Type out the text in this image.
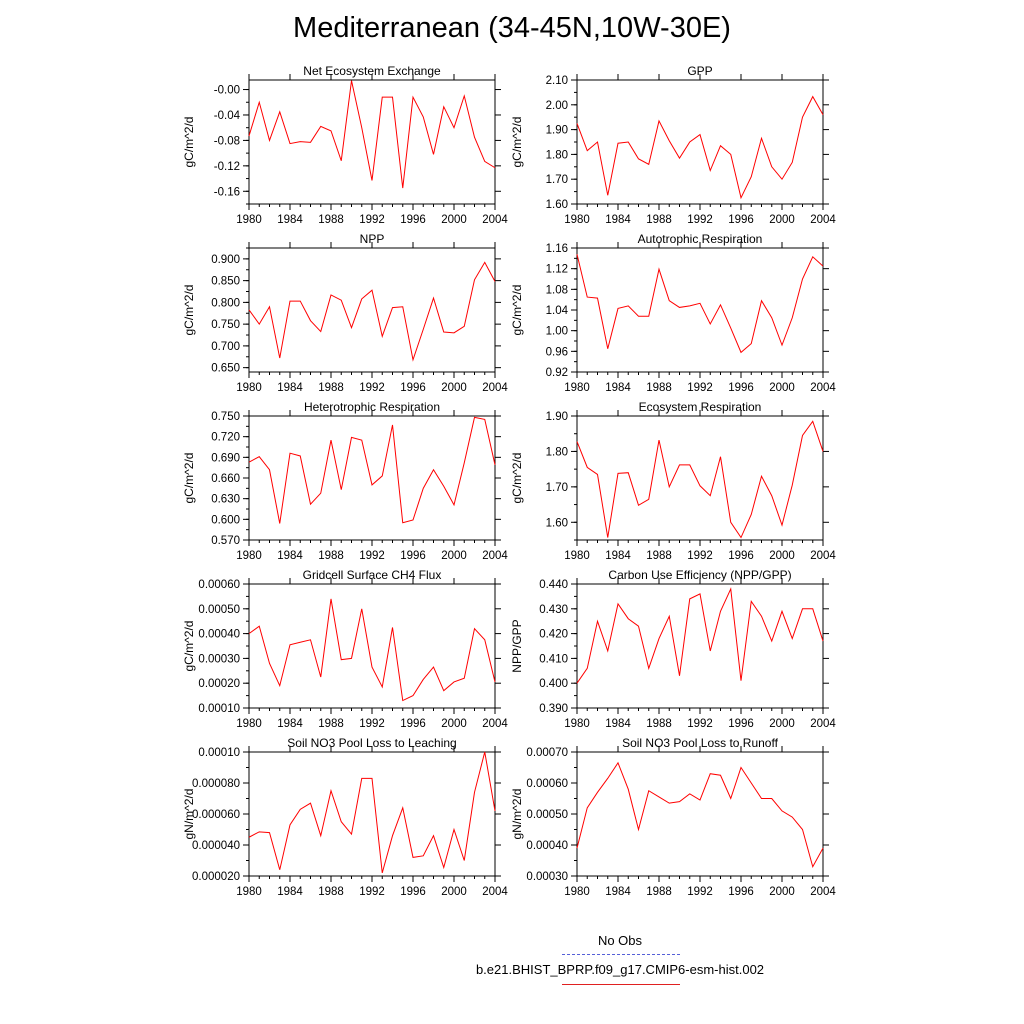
Mediterranean (34-45N,10W-30E)
Net Ecosystem Exchange
-0.16
-0.12
-0.08
-0.04
-0.00
1980 1984 1988 1992 1996 2000 2004
gC/m^2/d
GPP
1.60
1.70
1.80
1.90
2.00
2.10
1980 1984 1988 1992 1996 2000 2004
gC/m^2/d
NPP
0.650
0.700
0.750
0.800
0.850
0.900
1980 1984 1988 1992 1996 2000 2004
gC/m^2/d
Autotrophic Respiration
0.92
0.96
1.00
1.04
1.08
1.12
1.16
1980 1984 1988 1992 1996 2000 2004
gC/m^2/d
Heterotrophic Respiration
0.570
0.600
0.630
0.660
0.690
0.720
0.750
1980 1984 1988 1992 1996 2000 2004
gC/m^2/d
Ecosystem Respiration
1.60
1.70
1.80
1.90
1980 1984 1988 1992 1996 2000 2004
gC/m^2/d
Gridcell Surface CH4 Flux
0.00010
0.00020
0.00030
0.00040
0.00050
0.00060
1980 1984 1988 1992 1996 2000 2004
gC/m^2/d
Carbon Use Efficiency (NPP/GPP)
0.390
0.400
0.410
0.420
0.430
0.440
1980 1984 1988 1992 1996 2000 2004
NPP/GPP
Soil NO3 Pool Loss to Leaching
0.000020
0.000040
0.000060
0.000080
0.00010
1980 1984 1988 1992 1996 2000 2004
gN/m^2/d
Soil NO3 Pool Loss to Runoff
0.00030
0.00040
0.00050
0.00060
0.00070
1980 1984 1988 1992 1996 2000 2004
gN/m^2/d
No Obs
b.e21.BHIST_BPRP.f09_g17.CMIP6-esm-hist.002
